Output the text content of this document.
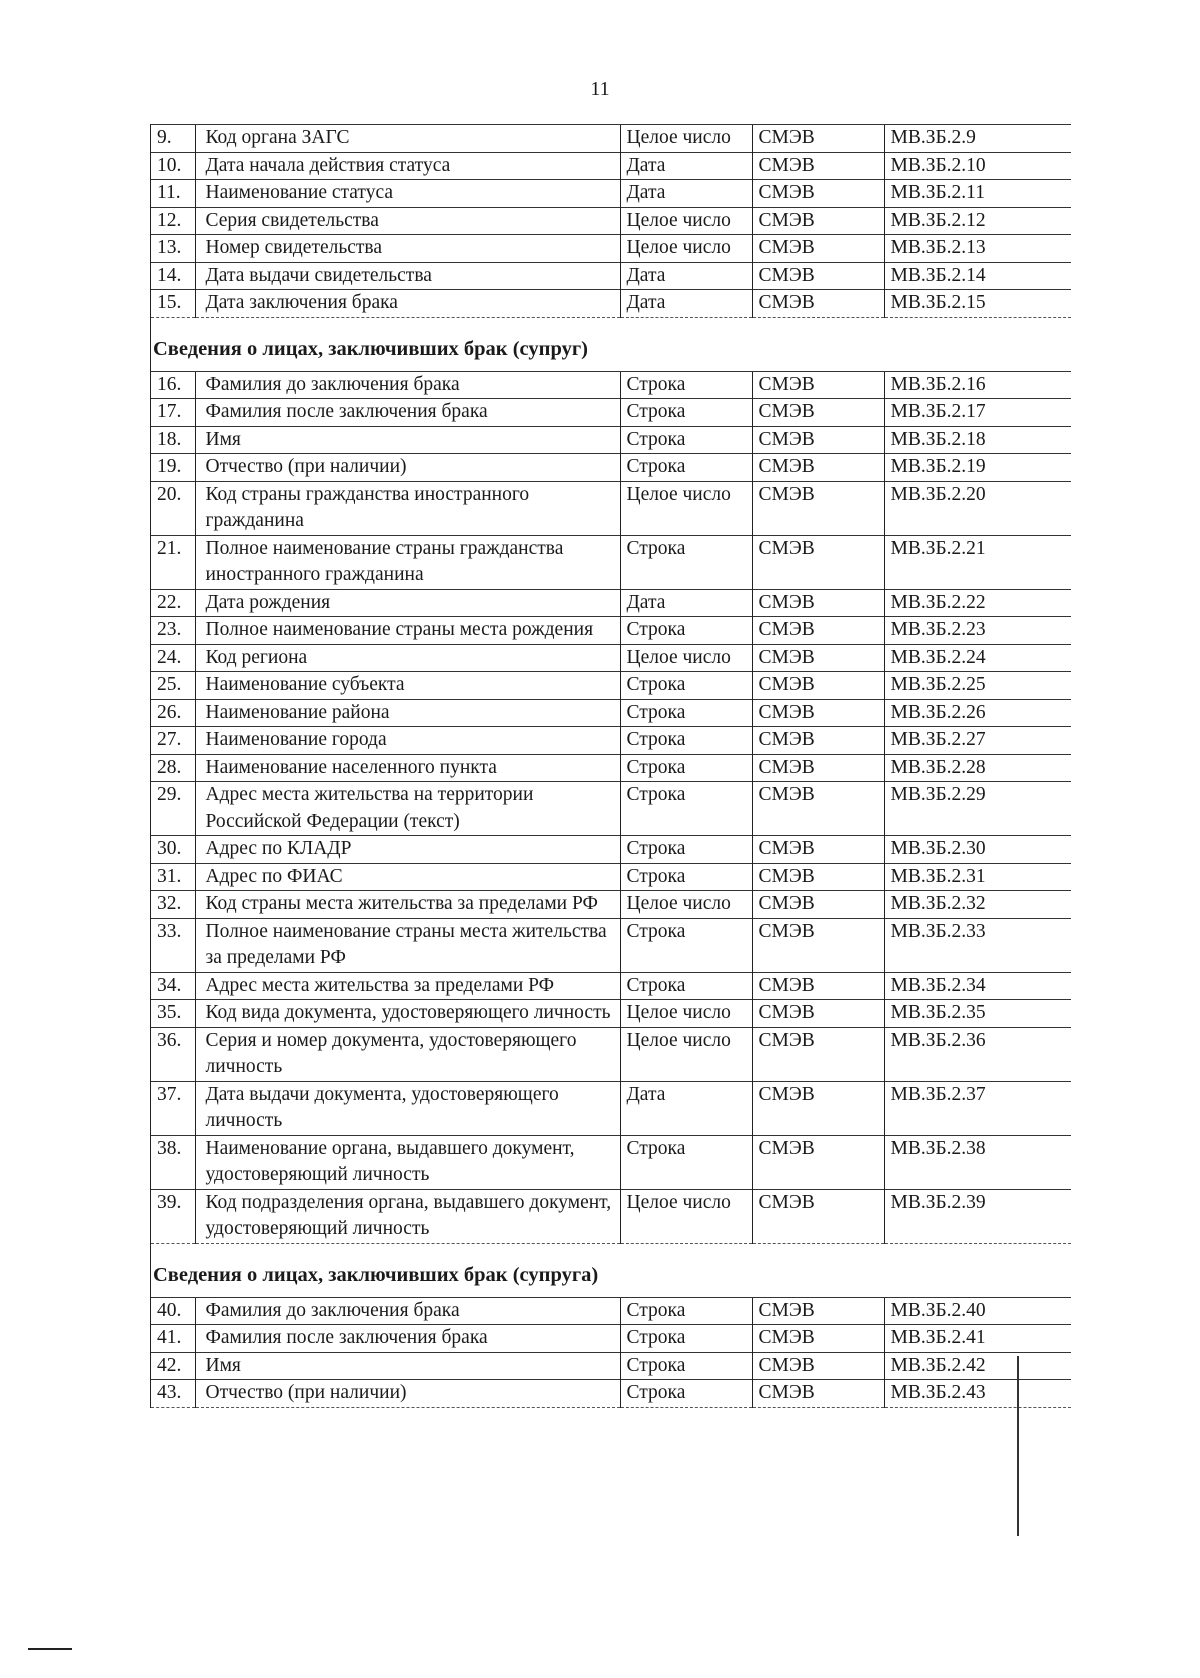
11
9.	Код органа ЗАГС	Целое число	СМЭВ	МВ.ЗБ.2.9
10.	Дата начала действия статуса	Дата	СМЭВ	МВ.ЗБ.2.10
11.	Наименование статуса	Дата	СМЭВ	МВ.ЗБ.2.11
12.	Серия свидетельства	Целое число	СМЭВ	МВ.ЗБ.2.12
13.	Номер свидетельства	Целое число	СМЭВ	МВ.ЗБ.2.13
14.	Дата выдачи свидетельства	Дата	СМЭВ	МВ.ЗБ.2.14
15.	Дата заключения брака	Дата	СМЭВ	МВ.ЗБ.2.15
Сведения о лицах, заключивших брак (супруг)
16.	Фамилия до заключения брака	Строка	СМЭВ	МВ.ЗБ.2.16
17.	Фамилия после заключения брака	Строка	СМЭВ	МВ.ЗБ.2.17
18.	Имя	Строка	СМЭВ	МВ.ЗБ.2.18
19.	Отчество (при наличии)	Строка	СМЭВ	МВ.ЗБ.2.19
20.	Код страны гражданства иностранного гражданина	Целое число	СМЭВ	МВ.ЗБ.2.20
21.	Полное наименование страны гражданства иностранного гражданина	Строка	СМЭВ	МВ.ЗБ.2.21
22.	Дата рождения	Дата	СМЭВ	МВ.ЗБ.2.22
23.	Полное наименование страны места рождения	Строка	СМЭВ	МВ.ЗБ.2.23
24.	Код региона	Целое число	СМЭВ	МВ.ЗБ.2.24
25.	Наименование субъекта	Строка	СМЭВ	МВ.ЗБ.2.25
26.	Наименование района	Строка	СМЭВ	МВ.ЗБ.2.26
27.	Наименование города	Строка	СМЭВ	МВ.ЗБ.2.27
28.	Наименование населенного пункта	Строка	СМЭВ	МВ.ЗБ.2.28
29.	Адрес места жительства на территории Российской Федерации (текст)	Строка	СМЭВ	МВ.ЗБ.2.29
30.	Адрес по КЛАДР	Строка	СМЭВ	МВ.ЗБ.2.30
31.	Адрес по ФИАС	Строка	СМЭВ	МВ.ЗБ.2.31
32.	Код страны места жительства за пределами РФ	Целое число	СМЭВ	МВ.ЗБ.2.32
33.	Полное наименование страны места жительства за пределами РФ	Строка	СМЭВ	МВ.ЗБ.2.33
34.	Адрес места жительства за пределами РФ	Строка	СМЭВ	МВ.ЗБ.2.34
35.	Код вида документа, удостоверяющего личность	Целое число	СМЭВ	МВ.ЗБ.2.35
36.	Серия и номер документа, удостоверяющего личность	Целое число	СМЭВ	МВ.ЗБ.2.36
37.	Дата выдачи документа, удостоверяющего личность	Дата	СМЭВ	МВ.ЗБ.2.37
38.	Наименование органа, выдавшего документ, удостоверяющий личность	Строка	СМЭВ	МВ.ЗБ.2.38
39.	Код подразделения органа, выдавшего документ, удостоверяющий личность	Целое число	СМЭВ	МВ.ЗБ.2.39
Сведения о лицах, заключивших брак (супруга)
40.	Фамилия до заключения брака	Строка	СМЭВ	МВ.ЗБ.2.40
41.	Фамилия после заключения брака	Строка	СМЭВ	МВ.ЗБ.2.41
42.	Имя	Строка	СМЭВ	МВ.ЗБ.2.42
43.	Отчество (при наличии)	Строка	СМЭВ	МВ.ЗБ.2.43
